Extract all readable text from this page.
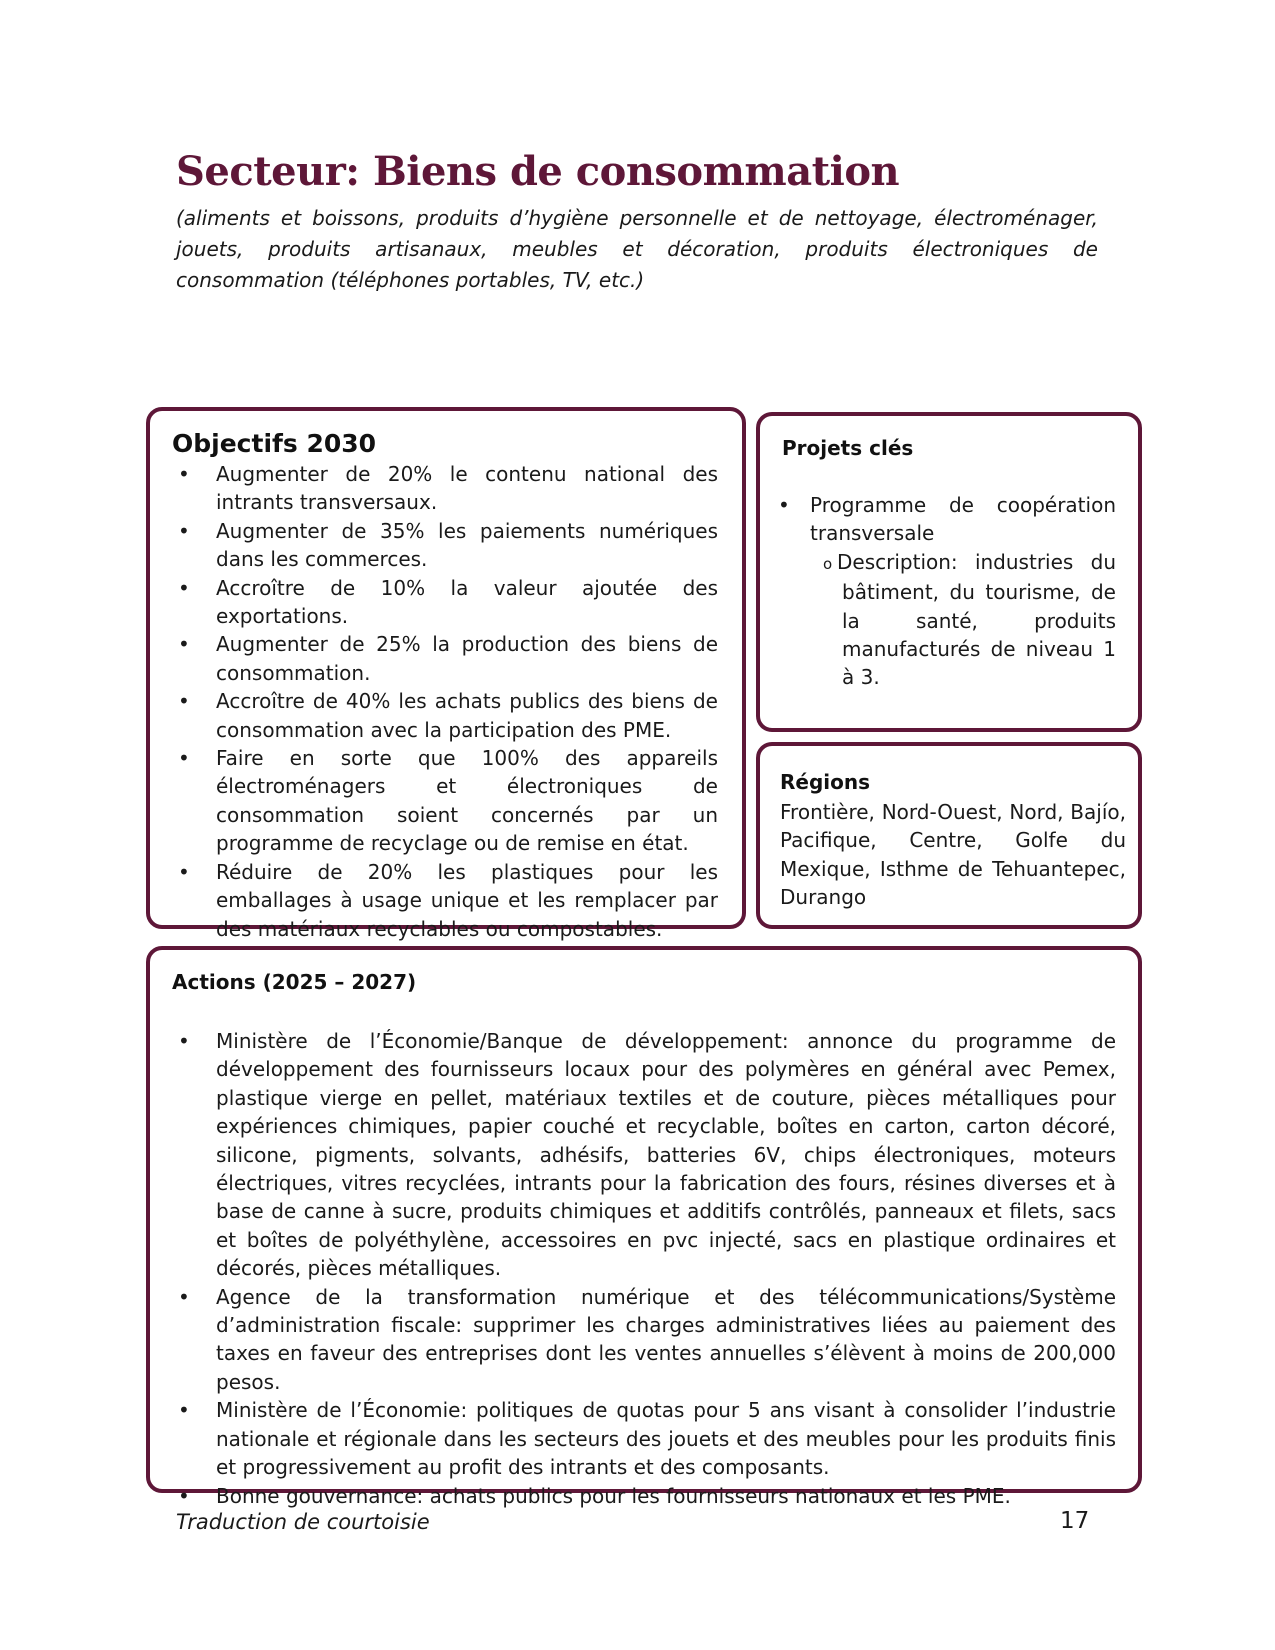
Secteur: Biens de consommation

(aliments et boissons, produits d’hygiène personnelle et de nettoyage, électroménager, jouets, produits artisanaux, meubles et décoration, produits électroniques de consommation (téléphones portables, TV, etc.)

Objectifs 2030
• Augmenter de 20% le contenu national des intrants transversaux.
• Augmenter de 35% les paiements numériques dans les commerces.
• Accroître de 10% la valeur ajoutée des exportations.
• Augmenter de 25% la production des biens de consommation.
• Accroître de 40% les achats publics des biens de consommation avec la participation des PME.
• Faire en sorte que 100% des appareils électroménagers et électroniques de consommation soient concernés par un programme de recyclage ou de remise en état.
• Réduire de 20% les plastiques pour les emballages à usage unique et les remplacer par des matériaux recyclables ou compostables.
Projets clés
• Programme de coopération transversale
o Description: industries du bâtiment, du tourisme, de la santé, produits manufacturés de niveau 1 à 3.
Régions

Frontière, Nord-Ouest, Nord, Bajío, Pacifique, Centre, Golfe du Mexique, Isthme de Tehuantepec, Durango

Actions (2025 – 2027)
• Ministère de l’Économie/Banque de développement: annonce du programme de développement des fournisseurs locaux pour des polymères en général avec Pemex, plastique vierge en pellet, matériaux textiles et de couture, pièces métalliques pour expériences chimiques, papier couché et recyclable, boîtes en carton, carton décoré, silicone, pigments, solvants, adhésifs, batteries 6V, chips électroniques, moteurs électriques, vitres recyclées, intrants pour la fabrication des fours, résines diverses et à base de canne à sucre, produits chimiques et additifs contrôlés, panneaux et filets, sacs et boîtes de polyéthylène, accessoires en pvc injecté, sacs en plastique ordinaires et décorés, pièces métalliques.
• Agence de la transformation numérique et des télécommunications/Système d’administration fiscale: supprimer les charges administratives liées au paiement des taxes en faveur des entreprises dont les ventes annuelles s’élèvent à moins de 200,000 pesos.
• Ministère de l’Économie: politiques de quotas pour 5 ans visant à consolider l’industrie nationale et régionale dans les secteurs des jouets et des meubles pour les produits finis et progressivement au profit des intrants et des composants.
• Bonne gouvernance: achats publics pour les fournisseurs nationaux et les PME.
Traduction de courtoisie	17
